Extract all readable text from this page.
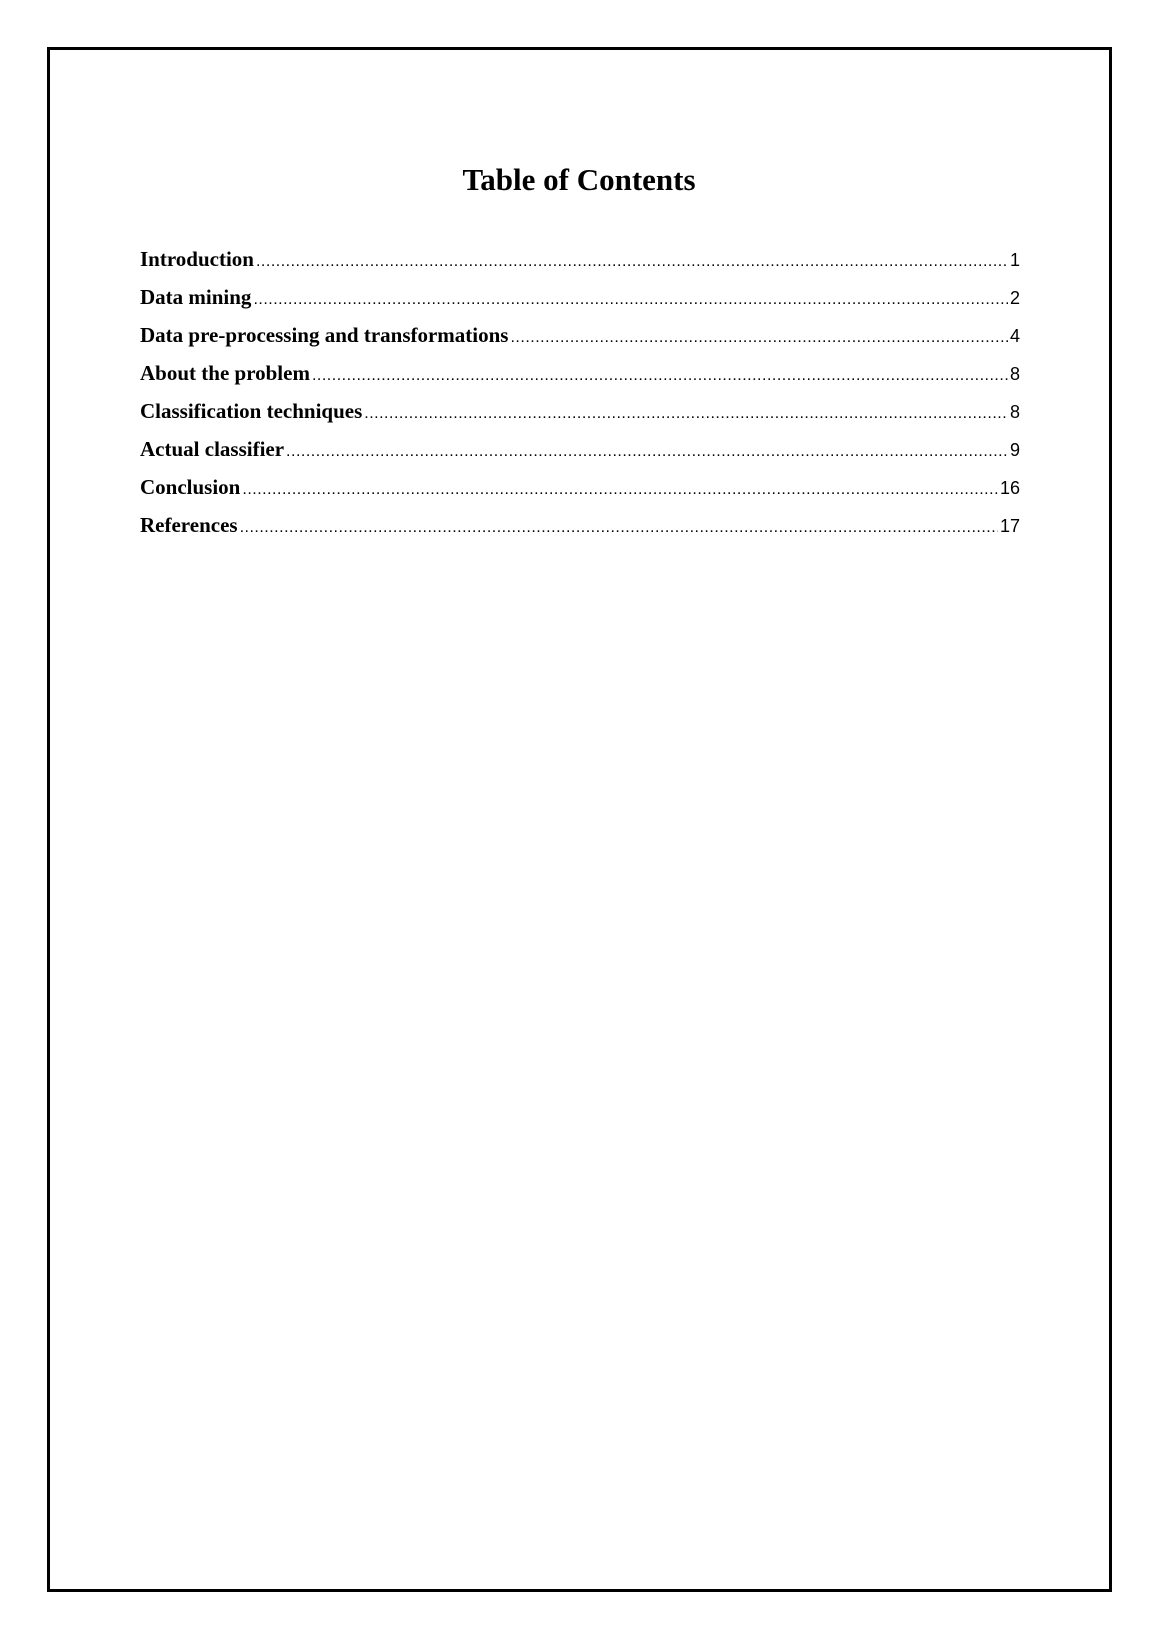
Table of Contents
Introduction .....	1
Data mining .....	2
Data pre-processing and transformations .....	4
About the problem .....	8
Classification techniques .....	8
Actual classifier .....	9
Conclusion .....	16
References .....	17
